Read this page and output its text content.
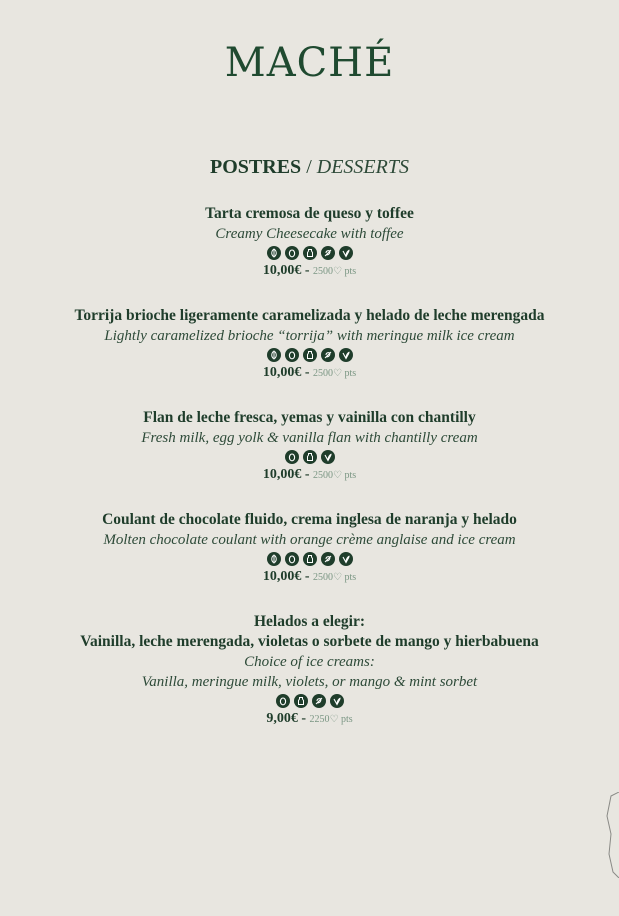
MACHÉ
POSTRES / DESSERTS
Tarta cremosa de queso y toffee
Creamy Cheesecake with toffee
10,00€ - 2500♡ pts
Torrija brioche ligeramente caramelizada y helado de leche merengada
Lightly caramelized brioche “torrija” with meringue milk ice cream
10,00€ - 2500♡ pts
Flan de leche fresca, yemas y vainilla con chantilly
Fresh milk, egg yolk & vanilla flan with chantilly cream
10,00€ - 2500♡ pts
Coulant de chocolate fluido, crema inglesa de naranja y helado
Molten chocolate coulant with orange crème anglaise and ice cream
10,00€ - 2500♡ pts
Helados a elegir:
Vainilla, leche merengada, violetas o sorbete de mango y hierbabuena
Choice of ice creams:
Vanilla, meringue milk, violets, or mango & mint sorbet
9,00€ - 2250♡ pts
